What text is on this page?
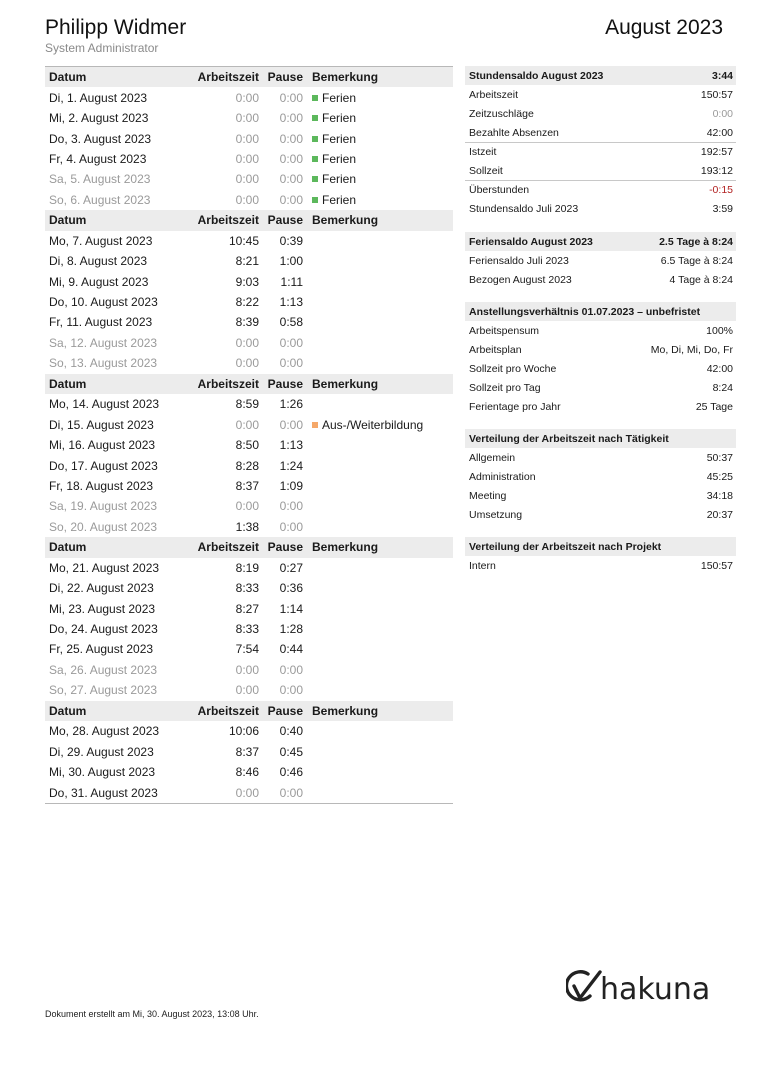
Philipp Widmer
System Administrator
August 2023
Datum	Arbeitszeit Pause Bemerkung
Di, 1. August 2023	0:00	0:00 Ferien
Mi, 2. August 2023	0:00	0:00 Ferien
Do, 3. August 2023	0:00	0:00 Ferien
Fr, 4. August 2023	0:00	0:00 Ferien
Sa, 5. August 2023	0:00	0:00 Ferien
So, 6. August 2023	0:00	0:00 Ferien
Datum	Arbeitszeit Pause Bemerkung
Mo, 7. August 2023	10:45	0:39
Di, 8. August 2023	8:21	1:00
Mi, 9. August 2023	9:03	1:11
Do, 10. August 2023	8:22	1:13
Fr, 11. August 2023	8:39	0:58
Sa, 12. August 2023	0:00	0:00
So, 13. August 2023	0:00	0:00
Datum	Arbeitszeit Pause Bemerkung
Mo, 14. August 2023	8:59	1:26
Di, 15. August 2023	0:00	0:00 Aus-/Weiterbildung
Mi, 16. August 2023	8:50	1:13
Do, 17. August 2023	8:28	1:24
Fr, 18. August 2023	8:37	1:09
Sa, 19. August 2023	0:00	0:00
So, 20. August 2023	1:38	0:00
Datum	Arbeitszeit Pause Bemerkung
Mo, 21. August 2023	8:19	0:27
Di, 22. August 2023	8:33	0:36
Mi, 23. August 2023	8:27	1:14
Do, 24. August 2023	8:33	1:28
Fr, 25. August 2023	7:54	0:44
Sa, 26. August 2023	0:00	0:00
So, 27. August 2023	0:00	0:00
Datum	Arbeitszeit Pause Bemerkung
Mo, 28. August 2023	10:06	0:40
Di, 29. August 2023	8:37	0:45
Mi, 30. August 2023	8:46	0:46
Do, 31. August 2023	0:00	0:00
Stundensaldo August 2023	3:44
Arbeitszeit	150:57
Zeitzuschläge	0:00
Bezahlte Absenzen	42:00
Istzeit	192:57
Sollzeit	193:12
Überstunden	-0:15
Stundensaldo Juli 2023	3:59
Feriensaldo August 2023	2.5 Tage à 8:24
Feriensaldo Juli 2023	6.5 Tage à 8:24
Bezogen August 2023	4 Tage à 8:24
Anstellungsverhältnis 01.07.2023 – unbefristet
Arbeitspensum	100%
Arbeitsplan	Mo, Di, Mi, Do, Fr
Sollzeit pro Woche	42:00
Sollzeit pro Tag	8:24
Ferientage pro Jahr	25 Tage
Verteilung der Arbeitszeit nach Tätigkeit
Allgemein	50:37
Administration	45:25
Meeting	34:18
Umsetzung	20:37
Verteilung der Arbeitszeit nach Projekt
Intern	150:57
Dokument erstellt am Mi, 30. August 2023, 13:08 Uhr.
hakuna
